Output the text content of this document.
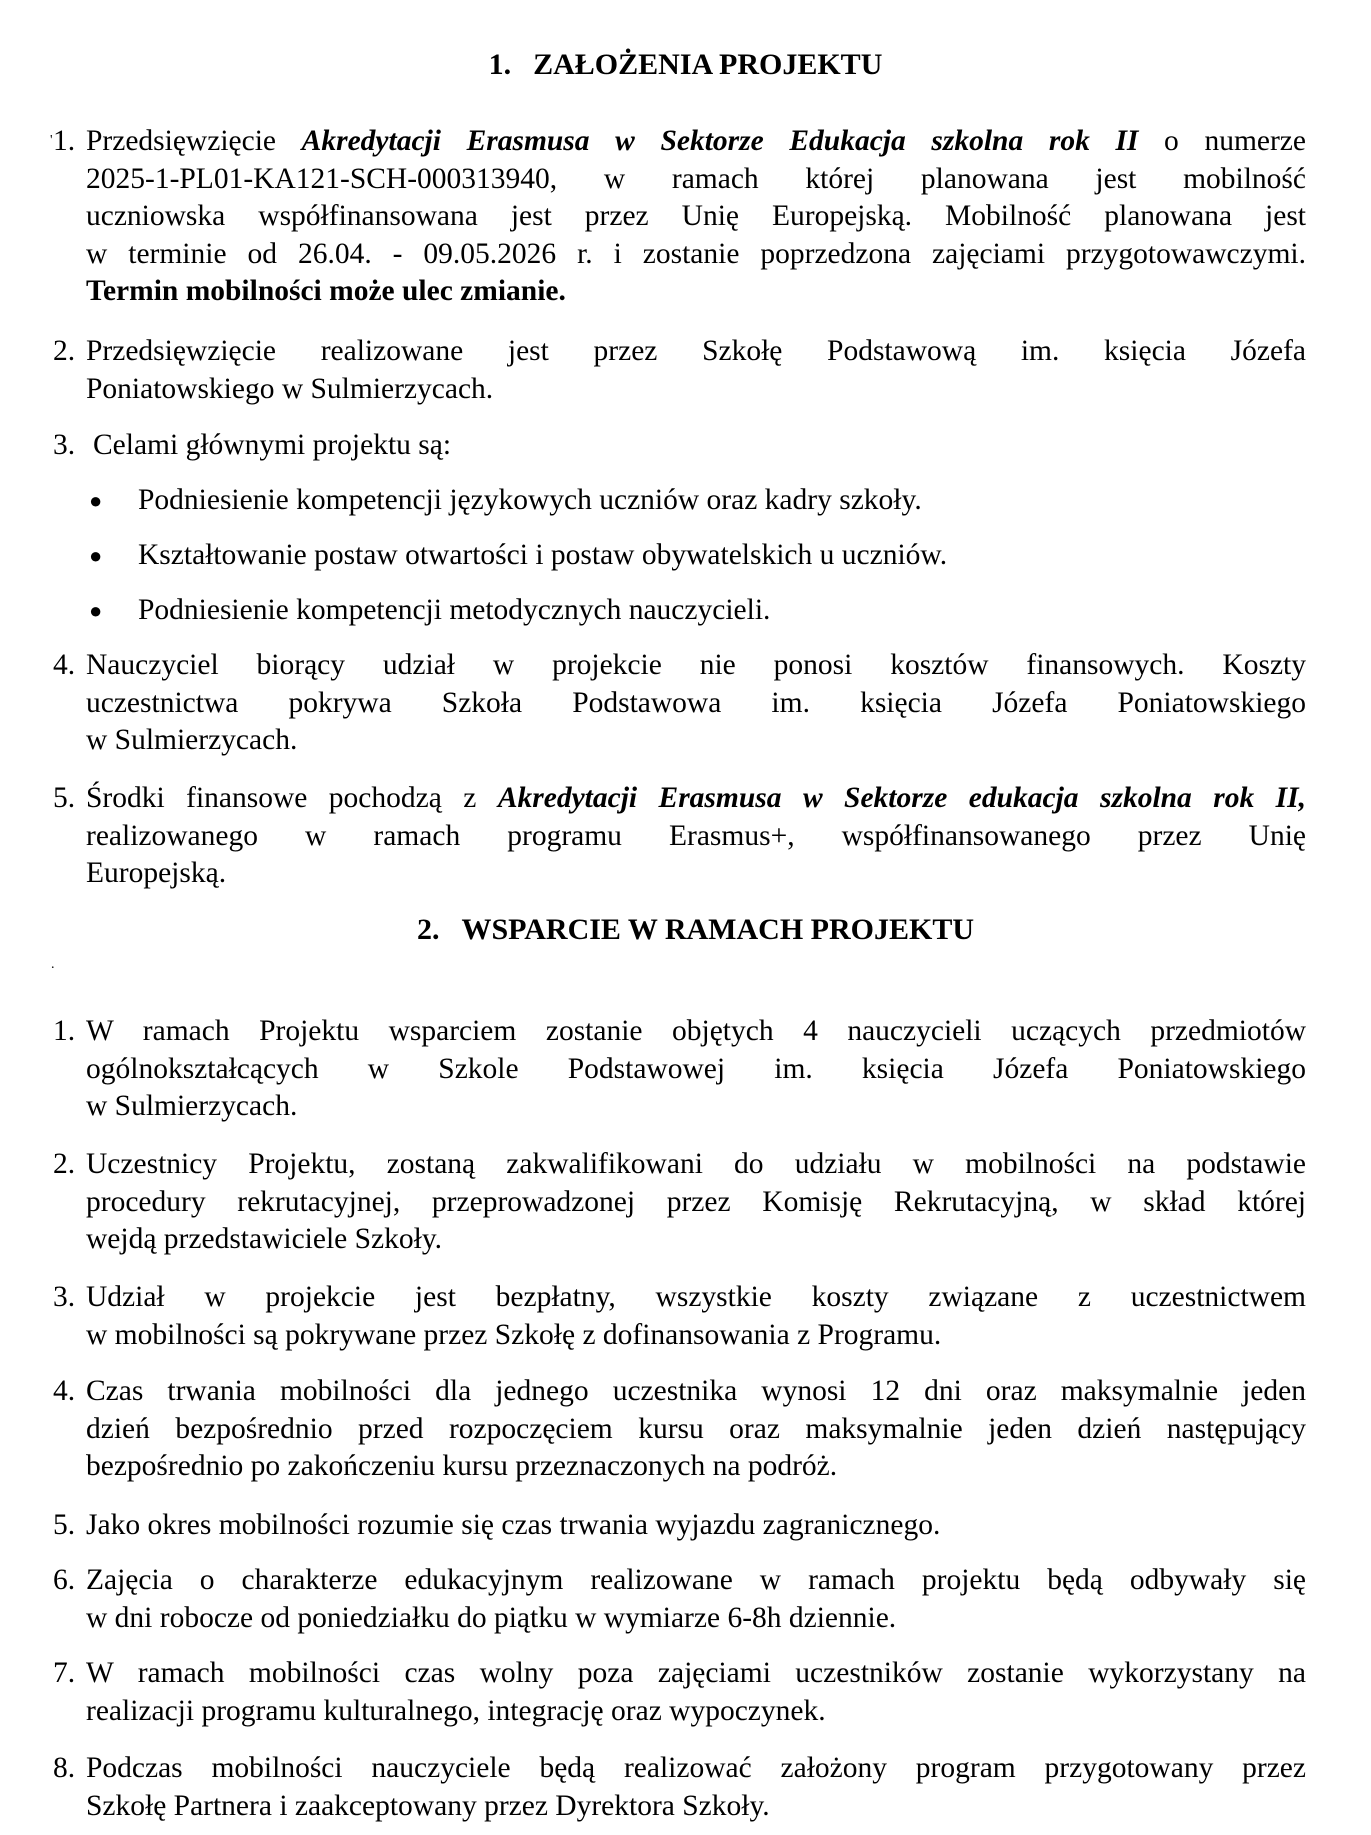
1. ZAŁOŻENIA PROJEKTU
' 1. Przedsięwzięcie Akredytacji Erasmusa w Sektorze Edukacja szkolna rok II o numerze

2025-1-PL01-KA121-SCH-000313940, w ramach której planowana jest mobilność

uczniowska współfinansowana jest przez Unię Europejską. Mobilność planowana jest

w terminie od 26.04. - 09.05.2026 r. i zostanie poprzedzona zajęciami przygotowawczymi.

Termin mobilności może ulec zmianie.

2. Przedsięwzięcie realizowane jest przez Szkołę Podstawową im. księcia Józefa

Poniatowskiego w Sulmierzycach.

3. Celami głównymi projektu są:

● Podniesienie kompetencji językowych uczniów oraz kadry szkoły.
● Kształtowanie postaw otwartości i postaw obywatelskich u uczniów.
● Podniesienie kompetencji metodycznych nauczycieli.
4. Nauczyciel biorący udział w projekcie nie ponosi kosztów finansowych. Koszty

uczestnictwa pokrywa Szkoła Podstawowa im. księcia Józefa Poniatowskiego

w Sulmierzycach.

5. Środki finansowe pochodzą z Akredytacji Erasmusa w Sektorze edukacja szkolna rok II,

realizowanego w ramach programu Erasmus+, współfinansowanego przez Unię

Europejską.

2. WSPARCIE W RAMACH PROJEKTU
.
1. W ramach Projektu wsparciem zostanie objętych 4 nauczycieli uczących przedmiotów

ogólnokształcących w Szkole Podstawowej im. księcia Józefa Poniatowskiego

w Sulmierzycach.

2. Uczestnicy Projektu, zostaną zakwalifikowani do udziału w mobilności na podstawie

procedury rekrutacyjnej, przeprowadzonej przez Komisję Rekrutacyjną, w skład której

wejdą przedstawiciele Szkoły.

3. Udział w projekcie jest bezpłatny, wszystkie koszty związane z uczestnictwem

w mobilności są pokrywane przez Szkołę z dofinansowania z Programu.

4. Czas trwania mobilności dla jednego uczestnika wynosi 12 dni oraz maksymalnie jeden

dzień bezpośrednio przed rozpoczęciem kursu oraz maksymalnie jeden dzień następujący

bezpośrednio po zakończeniu kursu przeznaczonych na podróż.

5. Jako okres mobilności rozumie się czas trwania wyjazdu zagranicznego.

6. Zajęcia o charakterze edukacyjnym realizowane w ramach projektu będą odbywały się

w dni robocze od poniedziałku do piątku w wymiarze 6-8h dziennie.

7. W ramach mobilności czas wolny poza zajęciami uczestników zostanie wykorzystany na

realizacji programu kulturalnego, integrację oraz wypoczynek.

8. Podczas mobilności nauczyciele będą realizować założony program przygotowany przez

Szkołę Partnera i zaakceptowany przez Dyrektora Szkoły.
